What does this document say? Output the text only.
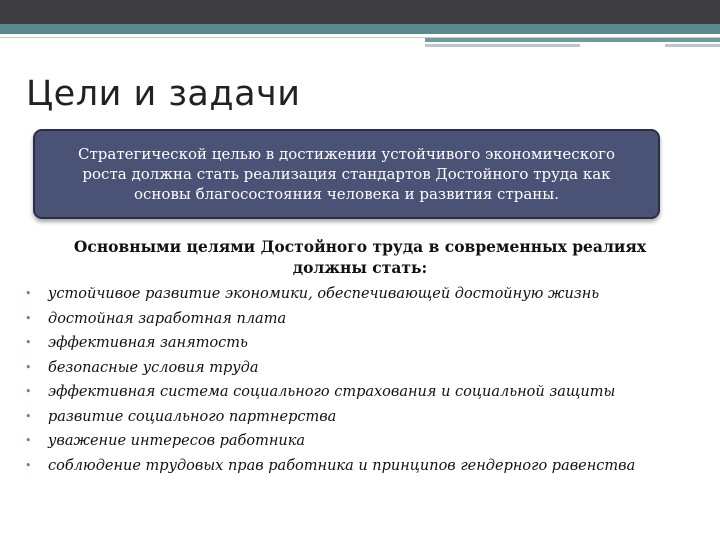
Цели и задачи

Стратегической целью в достижении устойчивого экономического роста должна стать реализация стандартов Достойного труда как основы благосостояния человека и развития страны.

Основными целями Достойного труда в современных реалиях должны стать:

• устойчивое развитие экономики, обеспечивающей достойную жизнь
• достойная заработная плата
• эффективная занятость
• безопасные условия труда
• эффективная система социального страхования и социальной защиты
• развитие социального партнерства
• уважение интересов работника
• соблюдение трудовых прав работника и принципов гендерного равенства
